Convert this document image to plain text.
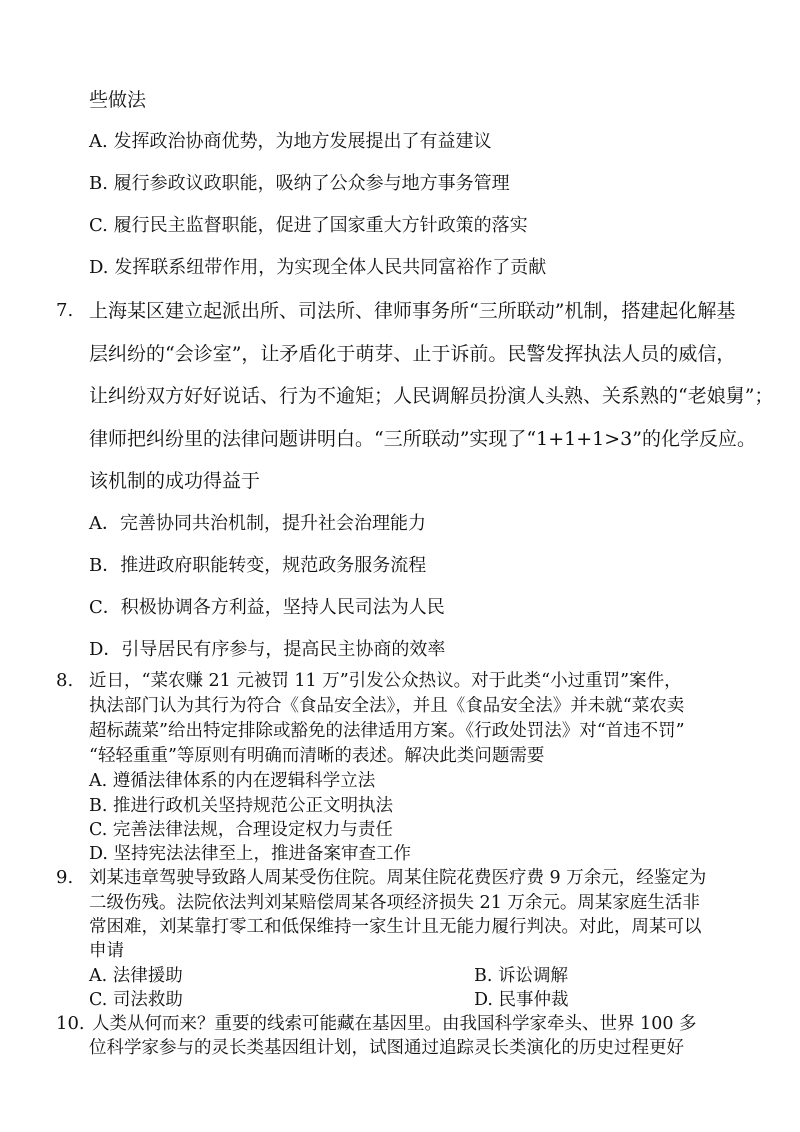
些做法
A. 发挥政治协商优势，为地方发展提出了有益建议
B. 履行参政议政职能，吸纳了公众参与地方事务管理
C. 履行民主监督职能，促进了国家重大方针政策的落实
D. 发挥联系纽带作用，为实现全体人民共同富裕作了贡献
7. 上海某区建立起派出所、司法所、律师事务所“三所联动”机制，搭建起化解基
层纠纷的“会诊室”，让矛盾化于萌芽、止于诉前。民警发挥执法人员的威信，
让纠纷双方好好说话、行为不逾矩；人民调解员扮演人头熟、关系熟的“老娘舅”；
律师把纠纷里的法律问题讲明白。“三所联动”实现了“1+1+1>3”的化学反应。
该机制的成功得益于
A．完善协同共治机制，提升社会治理能力
B．推进政府职能转变，规范政务服务流程
C．积极协调各方利益，坚持人民司法为人民
D．引导居民有序参与，提高民主协商的效率
8. 近日，“菜农赚 21 元被罚 11 万”引发公众热议。对于此类“小过重罚”案件，
执法部门认为其行为符合《食品安全法》，并且《食品安全法》并未就“菜农卖
超标蔬菜”给出特定排除或豁免的法律适用方案。《行政处罚法》对“首违不罚”
“轻轻重重”等原则有明确而清晰的表述。解决此类问题需要
A. 遵循法律体系的内在逻辑科学立法
B. 推进行政机关坚持规范公正文明执法
C. 完善法律法规，合理设定权力与责任
D. 坚持宪法法律至上，推进备案审查工作
9. 刘某违章驾驶导致路人周某受伤住院。周某住院花费医疗费 9 万余元，经鉴定为
二级伤残。法院依法判刘某赔偿周某各项经济损失 21 万余元。周某家庭生活非
常困难，刘某靠打零工和低保维持一家生计且无能力履行判决。对此，周某可以
申请
A. 法律援助	B. 诉讼调解
C. 司法救助	D. 民事仲裁
10. 人类从何而来？重要的线索可能藏在基因里。由我国科学家牵头、世界 100 多
位科学家参与的灵长类基因组计划，试图通过追踪灵长类演化的历史过程更好
